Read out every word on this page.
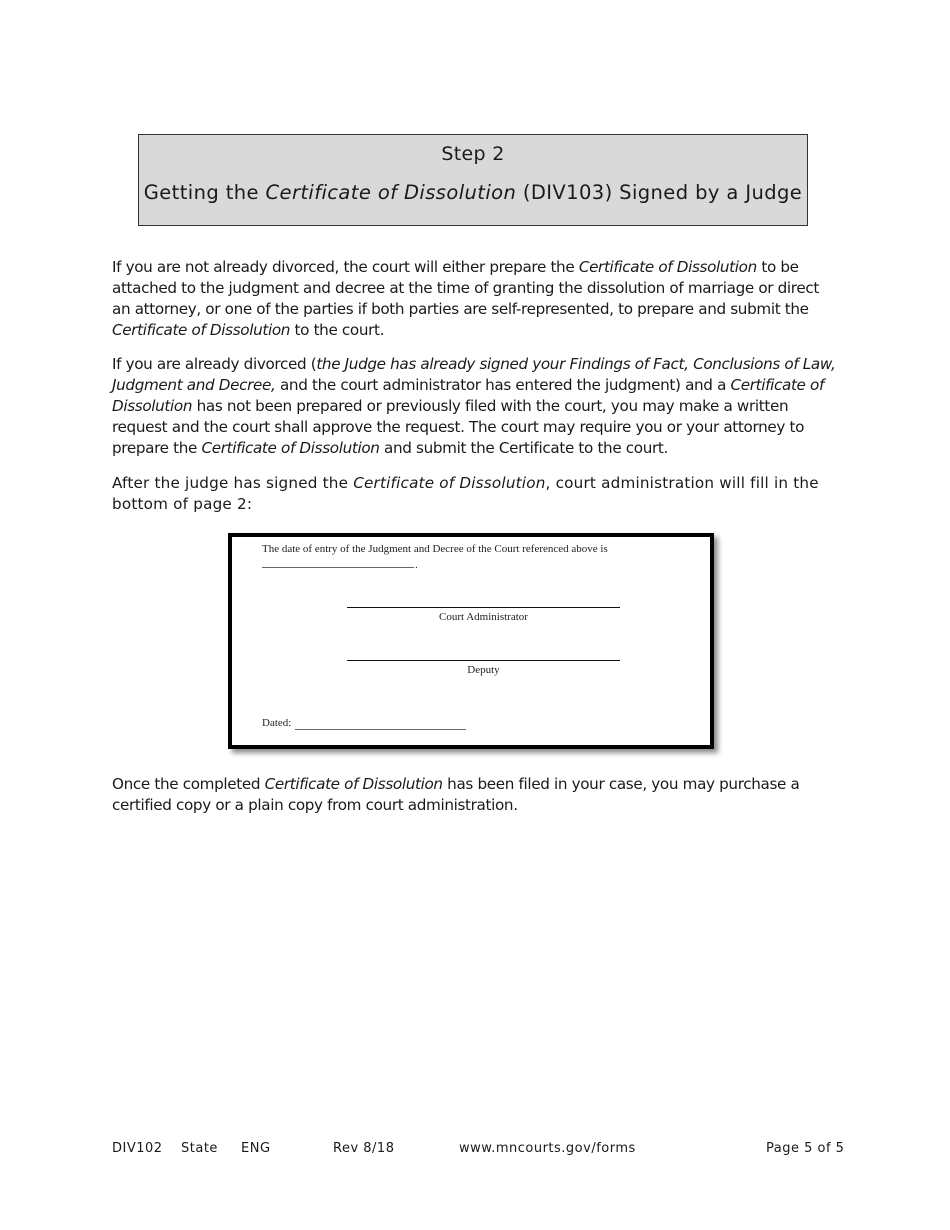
Step 2
Getting the Certificate of Dissolution (DIV103) Signed by a Judge

If you are not already divorced, the court will either prepare the Certificate of Dissolution to be attached to the judgment and decree at the time of granting the dissolution of marriage or direct an attorney, or one of the parties if both parties are self-represented, to prepare and submit the Certificate of Dissolution to the court.

If you are already divorced (the Judge has already signed your Findings of Fact, Conclusions of Law, Judgment and Decree, and the court administrator has entered the judgment) and a Certificate of Dissolution has not been prepared or previously filed with the court, you may make a written request and the court shall approve the request. The court may require you or your attorney to prepare the Certificate of Dissolution and submit the Certificate to the court.

After the judge has signed the Certificate of Dissolution, court administration will fill in the bottom of page 2:

The date of entry of the Judgment and Decree of the Court referenced above is
.
Court Administrator
Deputy
Dated:

Once the completed Certificate of Dissolution has been filed in your case, you may purchase a certified copy or a plain copy from court administration.

DIV102 State ENG	Rev 8/18	www.mncourts.gov/forms	Page 5 of 5
